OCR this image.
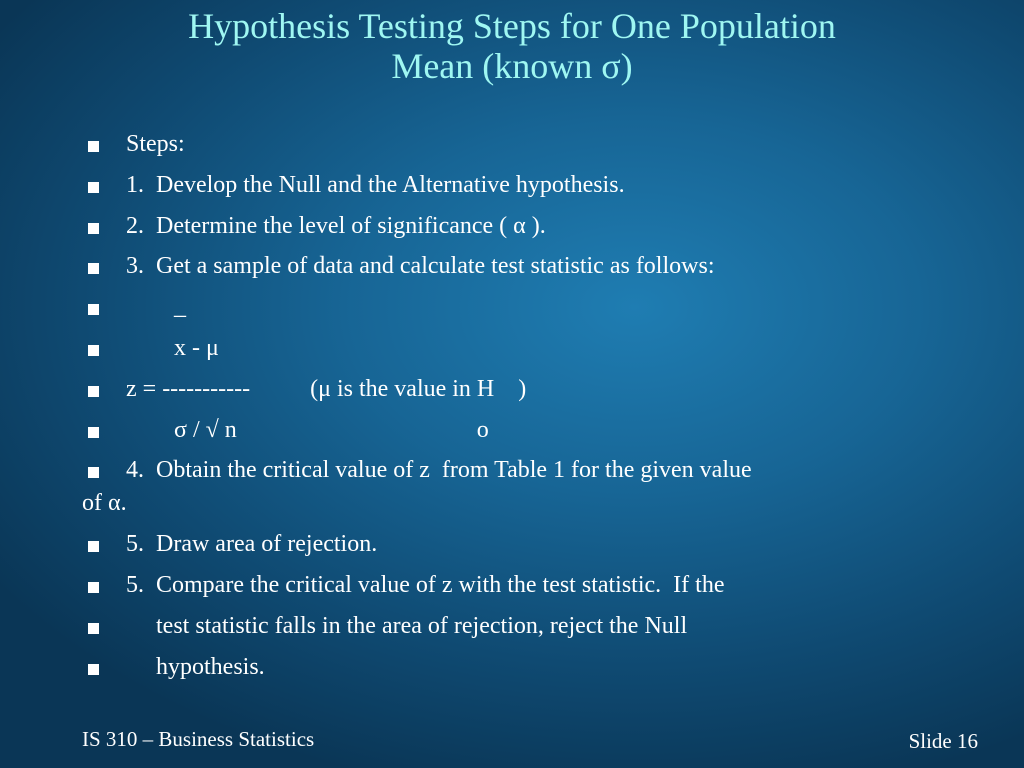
Hypothesis Testing Steps for One Population
Mean (known σ)
Steps:
1.  Develop the Null and the Alternative hypothesis.
2.  Determine the level of significance ( α ).
3.  Get a sample of data and calculate test statistic as follows:
_
x - μ
z = -----------          (μ is the value in H    )
σ / √ n                                        o
4.  Obtain the critical value of z  from Table 1 for the given value
of α.
5.  Draw area of rejection.
5.  Compare the critical value of z with the test statistic.  If the
test statistic falls in the area of rejection, reject the Null
hypothesis.
IS 310 – Business Statistics	Slide 16
